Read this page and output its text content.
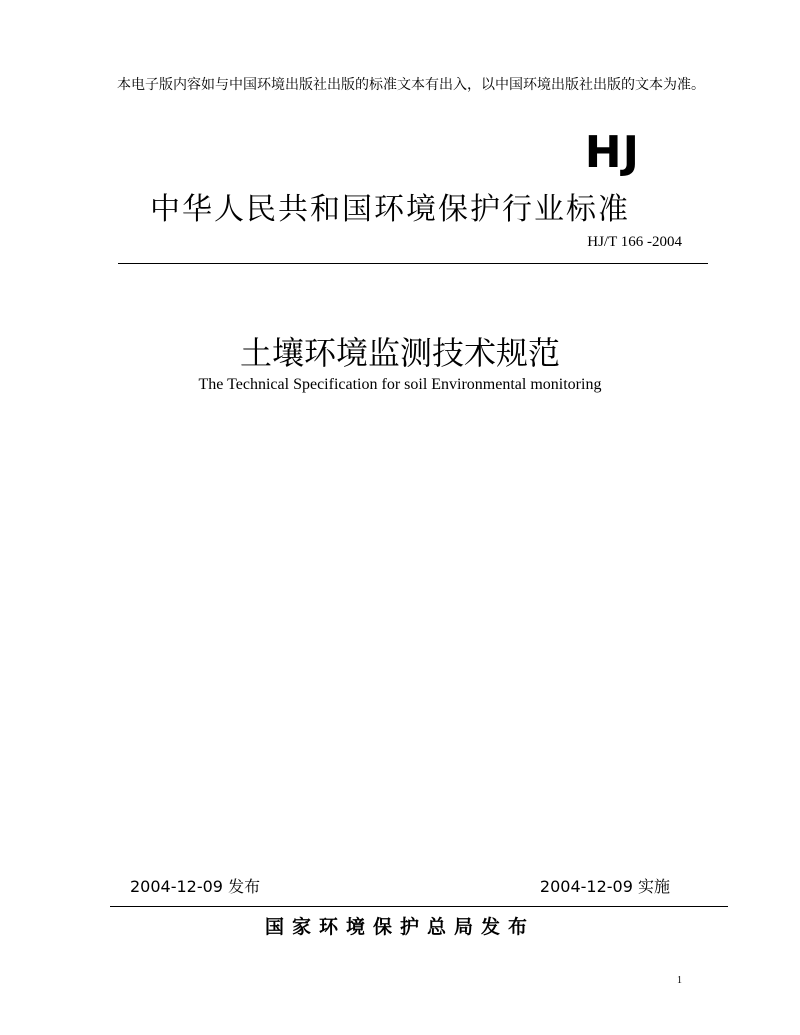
本电子版内容如与中国环境出版社出版的标准文本有出入，以中国环境出版社出版的文本为准。
HJ
中华人民共和国环境保护行业标准
HJ/T 166 -2004
土壤环境监测技术规范
The Technical Specification for soil Environmental monitoring
2004-12-09 发布	2004-12-09 实施
国家环境保护总局发布
1
